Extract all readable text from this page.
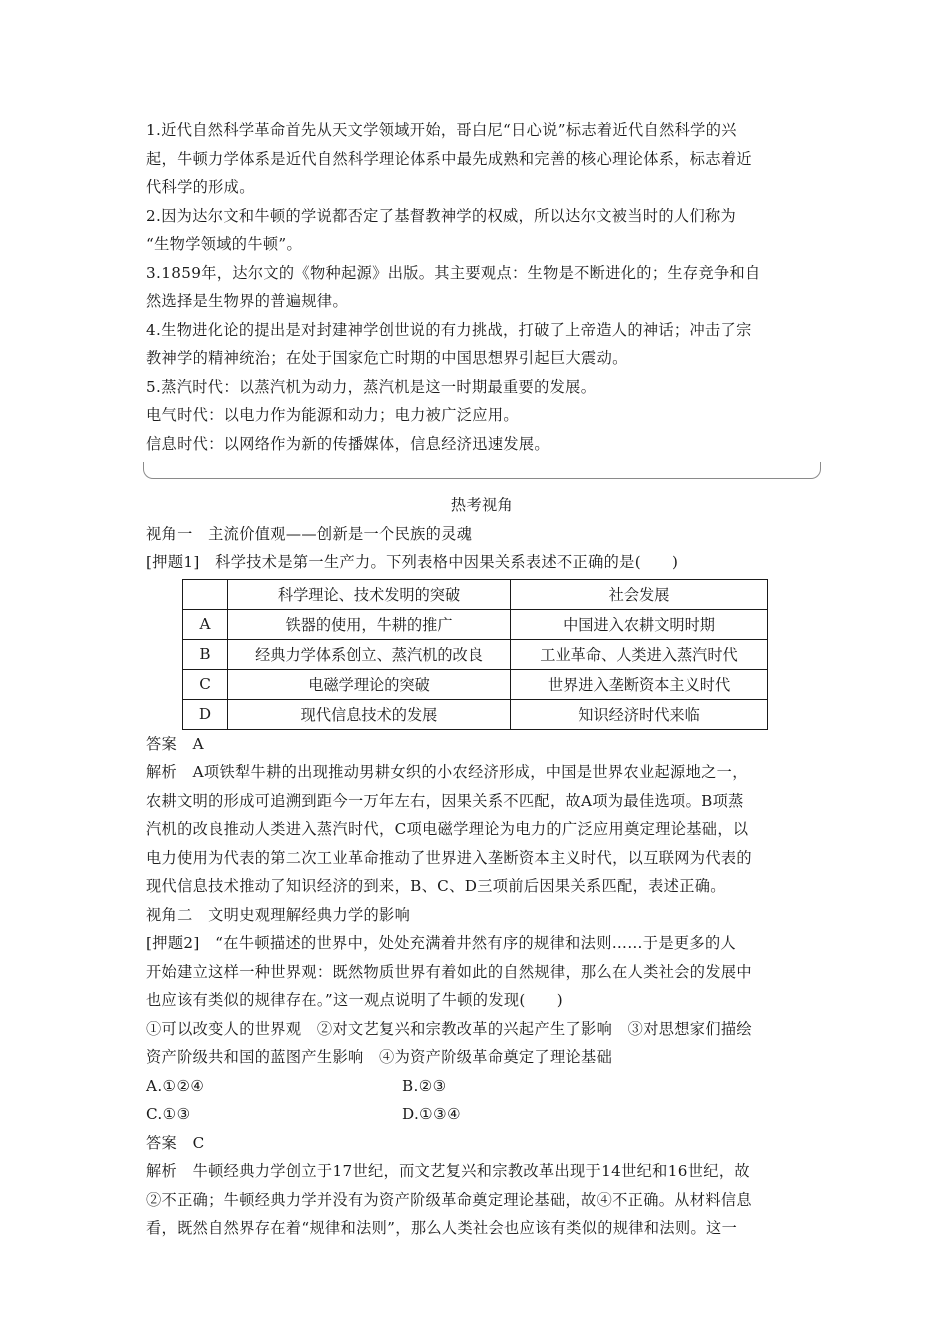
1.近代自然科学革命首先从天文学领域开始，哥白尼“日心说”标志着近代自然科学的兴
起，牛顿力学体系是近代自然科学理论体系中最先成熟和完善的核心理论体系，标志着近
代科学的形成。
2.因为达尔文和牛顿的学说都否定了基督教神学的权威，所以达尔文被当时的人们称为
“生物学领域的牛顿”。
3.1859年，达尔文的《物种起源》出版。其主要观点：生物是不断进化的；生存竞争和自
然选择是生物界的普遍规律。
4.生物进化论的提出是对封建神学创世说的有力挑战，打破了上帝造人的神话；冲击了宗
教神学的精神统治；在处于国家危亡时期的中国思想界引起巨大震动。
5.蒸汽时代：以蒸汽机为动力，蒸汽机是这一时期最重要的发展。
电气时代：以电力作为能源和动力；电力被广泛应用。
信息时代：以网络作为新的传播媒体，信息经济迅速发展。
热考视角
视角一　主流价值观——创新是一个民族的灵魂
[押题1]　科学技术是第一生产力。下列表格中因果关系表述不正确的是(　　)
	科学理论、技术发明的突破	社会发展
A	铁器的使用，牛耕的推广	中国进入农耕文明时期
B	经典力学体系创立、蒸汽机的改良	工业革命、人类进入蒸汽时代
C	电磁学理论的突破	世界进入垄断资本主义时代
D	现代信息技术的发展	知识经济时代来临
答案　A
解析　A项铁犁牛耕的出现推动男耕女织的小农经济形成，中国是世界农业起源地之一，
农耕文明的形成可追溯到距今一万年左右，因果关系不匹配，故A项为最佳选项。B项蒸
汽机的改良推动人类进入蒸汽时代，C项电磁学理论为电力的广泛应用奠定理论基础，以
电力使用为代表的第二次工业革命推动了世界进入垄断资本主义时代，以互联网为代表的
现代信息技术推动了知识经济的到来，B、C、D三项前后因果关系匹配，表述正确。
视角二　文明史观理解经典力学的影响
[押题2]　“在牛顿描述的世界中，处处充满着井然有序的规律和法则……于是更多的人
开始建立这样一种世界观：既然物质世界有着如此的自然规律，那么在人类社会的发展中
也应该有类似的规律存在。”这一观点说明了牛顿的发现(　　)
①可以改变人的世界观　②对文艺复兴和宗教改革的兴起产生了影响　③对思想家们描绘
资产阶级共和国的蓝图产生影响　④为资产阶级革命奠定了理论基础
A.①②④	B.②③
C.①③	D.①③④
答案　C
解析　牛顿经典力学创立于17世纪，而文艺复兴和宗教改革出现于14世纪和16世纪，故
②不正确；牛顿经典力学并没有为资产阶级革命奠定理论基础，故④不正确。从材料信息
看，既然自然界存在着“规律和法则”，那么人类社会也应该有类似的规律和法则。这一
